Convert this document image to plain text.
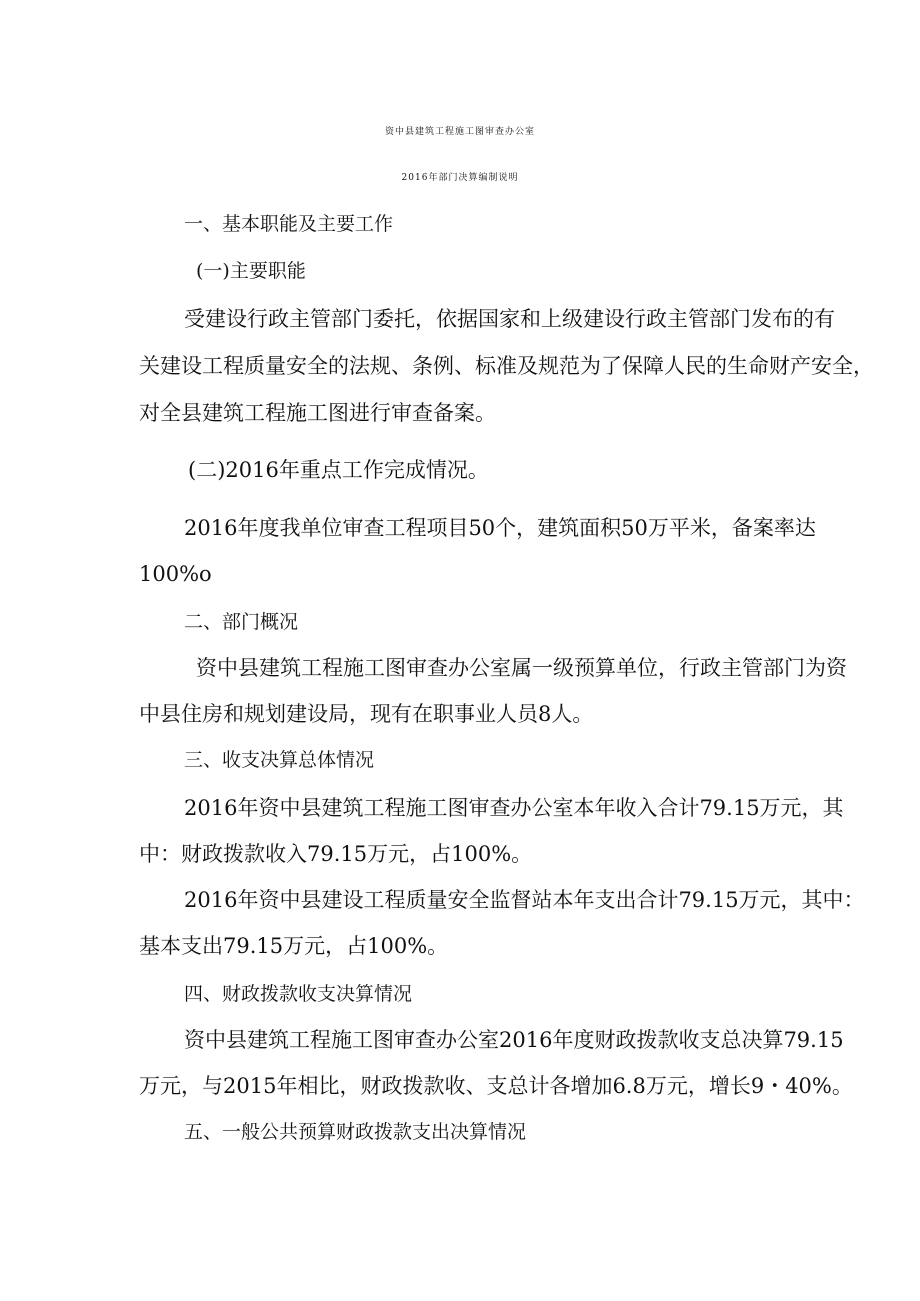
资中县建筑工程施工图审查办公室
2016年部门决算编制说明
一、基本职能及主要工作
(一)主要职能
受建设行政主管部门委托，依据国家和上级建设行政主管部门发布的有
关建设工程质量安全的法规、条例、标准及规范为了保障人民的生命财产安全，
对全县建筑工程施工图进行审查备案。
(二)2016年重点工作完成情况。
2016年度我单位审查工程项目50个，建筑面积50万平米，备案率达
100%o
二、部门概况
资中县建筑工程施工图审查办公室属一级预算单位，行政主管部门为资
中县住房和规划建设局，现有在职事业人员8人。
三、收支决算总体情况
2016年资中县建筑工程施工图审查办公室本年收入合计79.15万元，其
中：财政拨款收入79.15万元，占100%。
2016年资中县建设工程质量安全监督站本年支出合计79.15万元，其中：
基本支出79.15万元，占100%。
四、财政拨款收支决算情况
资中县建筑工程施工图审查办公室2016年度财政拨款收支总决算79.15
万元，与2015年相比，财政拨款收、支总计各增加6.8万元，增长9・40%。
五、一般公共预算财政拨款支出决算情况
